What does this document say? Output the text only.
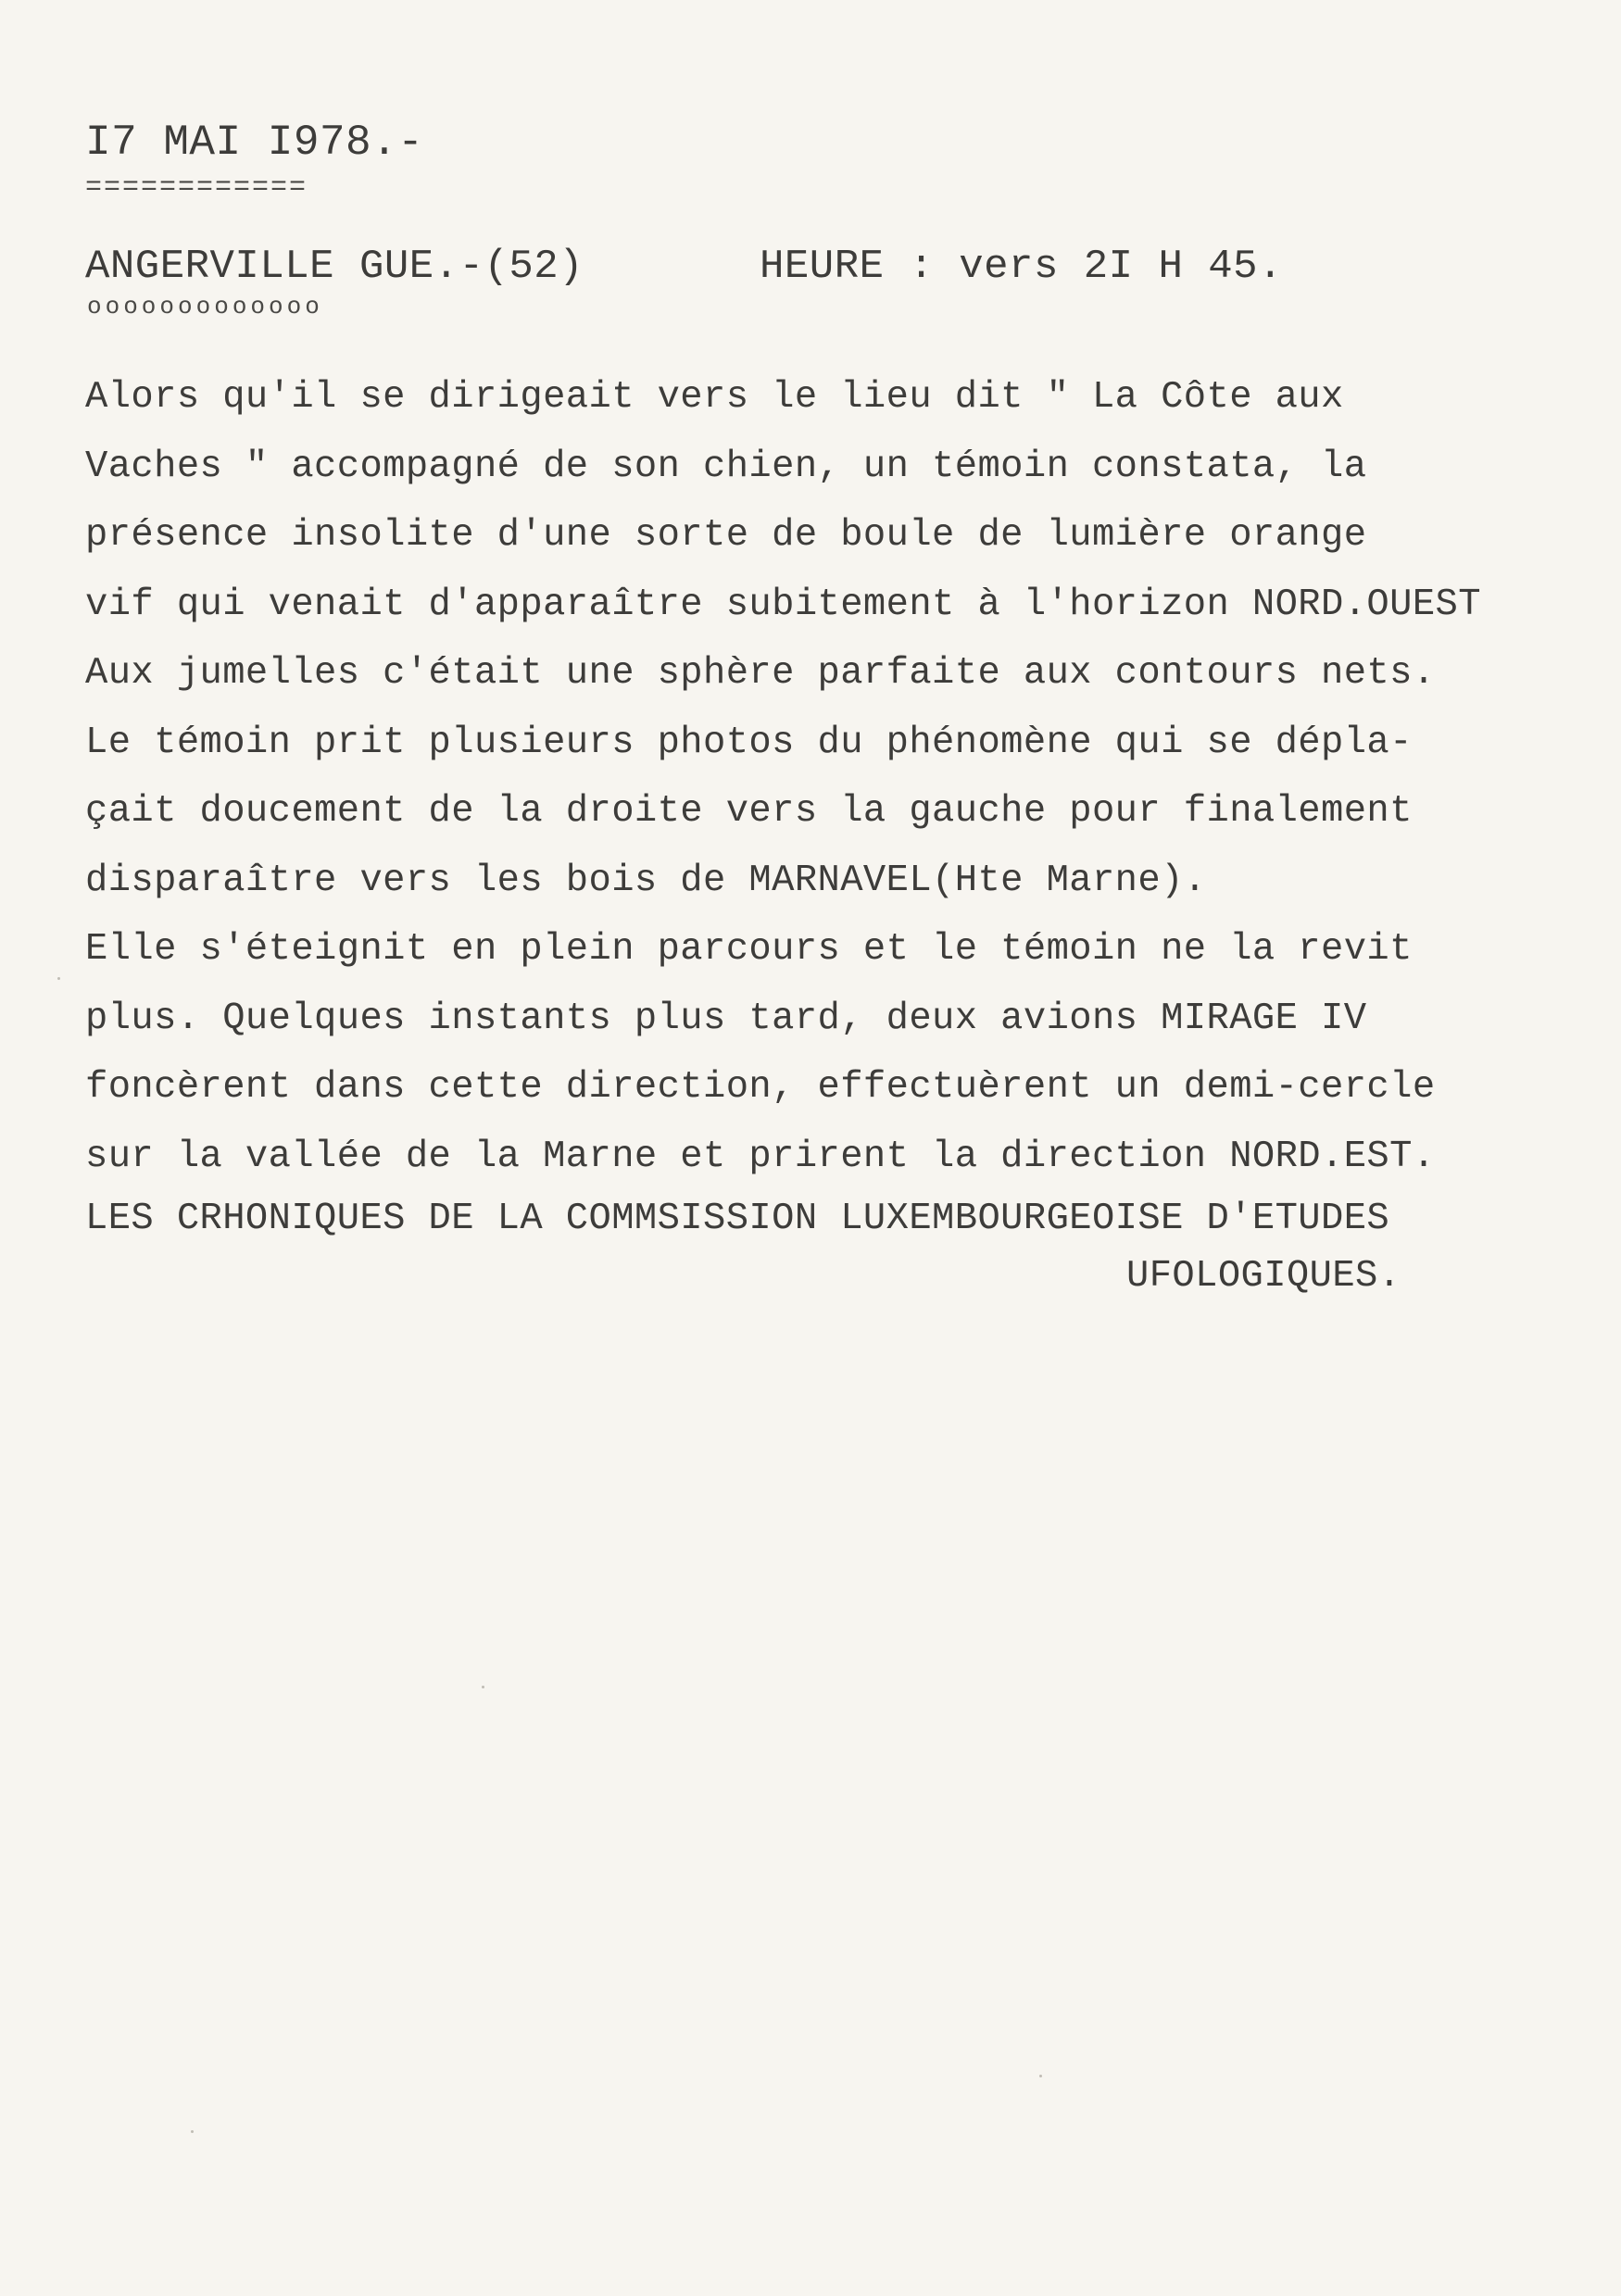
I7 MAI I978.-
============
ANGERVILLE GUE.-(52)	HEURE : vers 2I H 45.
ooooooooooooo
Alors qu'il se dirigeait vers le lieu dit " La Côte aux
Vaches " accompagné de son chien, un témoin constata, la
présence insolite d'une sorte de boule de lumière orange
vif qui venait d'apparaître subitement à l'horizon NORD.OUEST
Aux jumelles c'était une sphère parfaite aux contours nets.
Le témoin prit plusieurs photos du phénomène qui se dépla-
çait doucement de la droite vers la gauche pour finalement
disparaître vers les bois de MARNAVEL(Hte Marne).
Elle s'éteignit en plein parcours et le témoin ne la revit
plus. Quelques instants plus tard, deux avions MIRAGE IV
foncèrent dans cette direction, effectuèrent un demi-cercle
sur la vallée de la Marne et prirent la direction NORD.EST.
LES CRHONIQUES DE LA COMMSISSION LUXEMBOURGEOISE D'ETUDES
UFOLOGIQUES.
